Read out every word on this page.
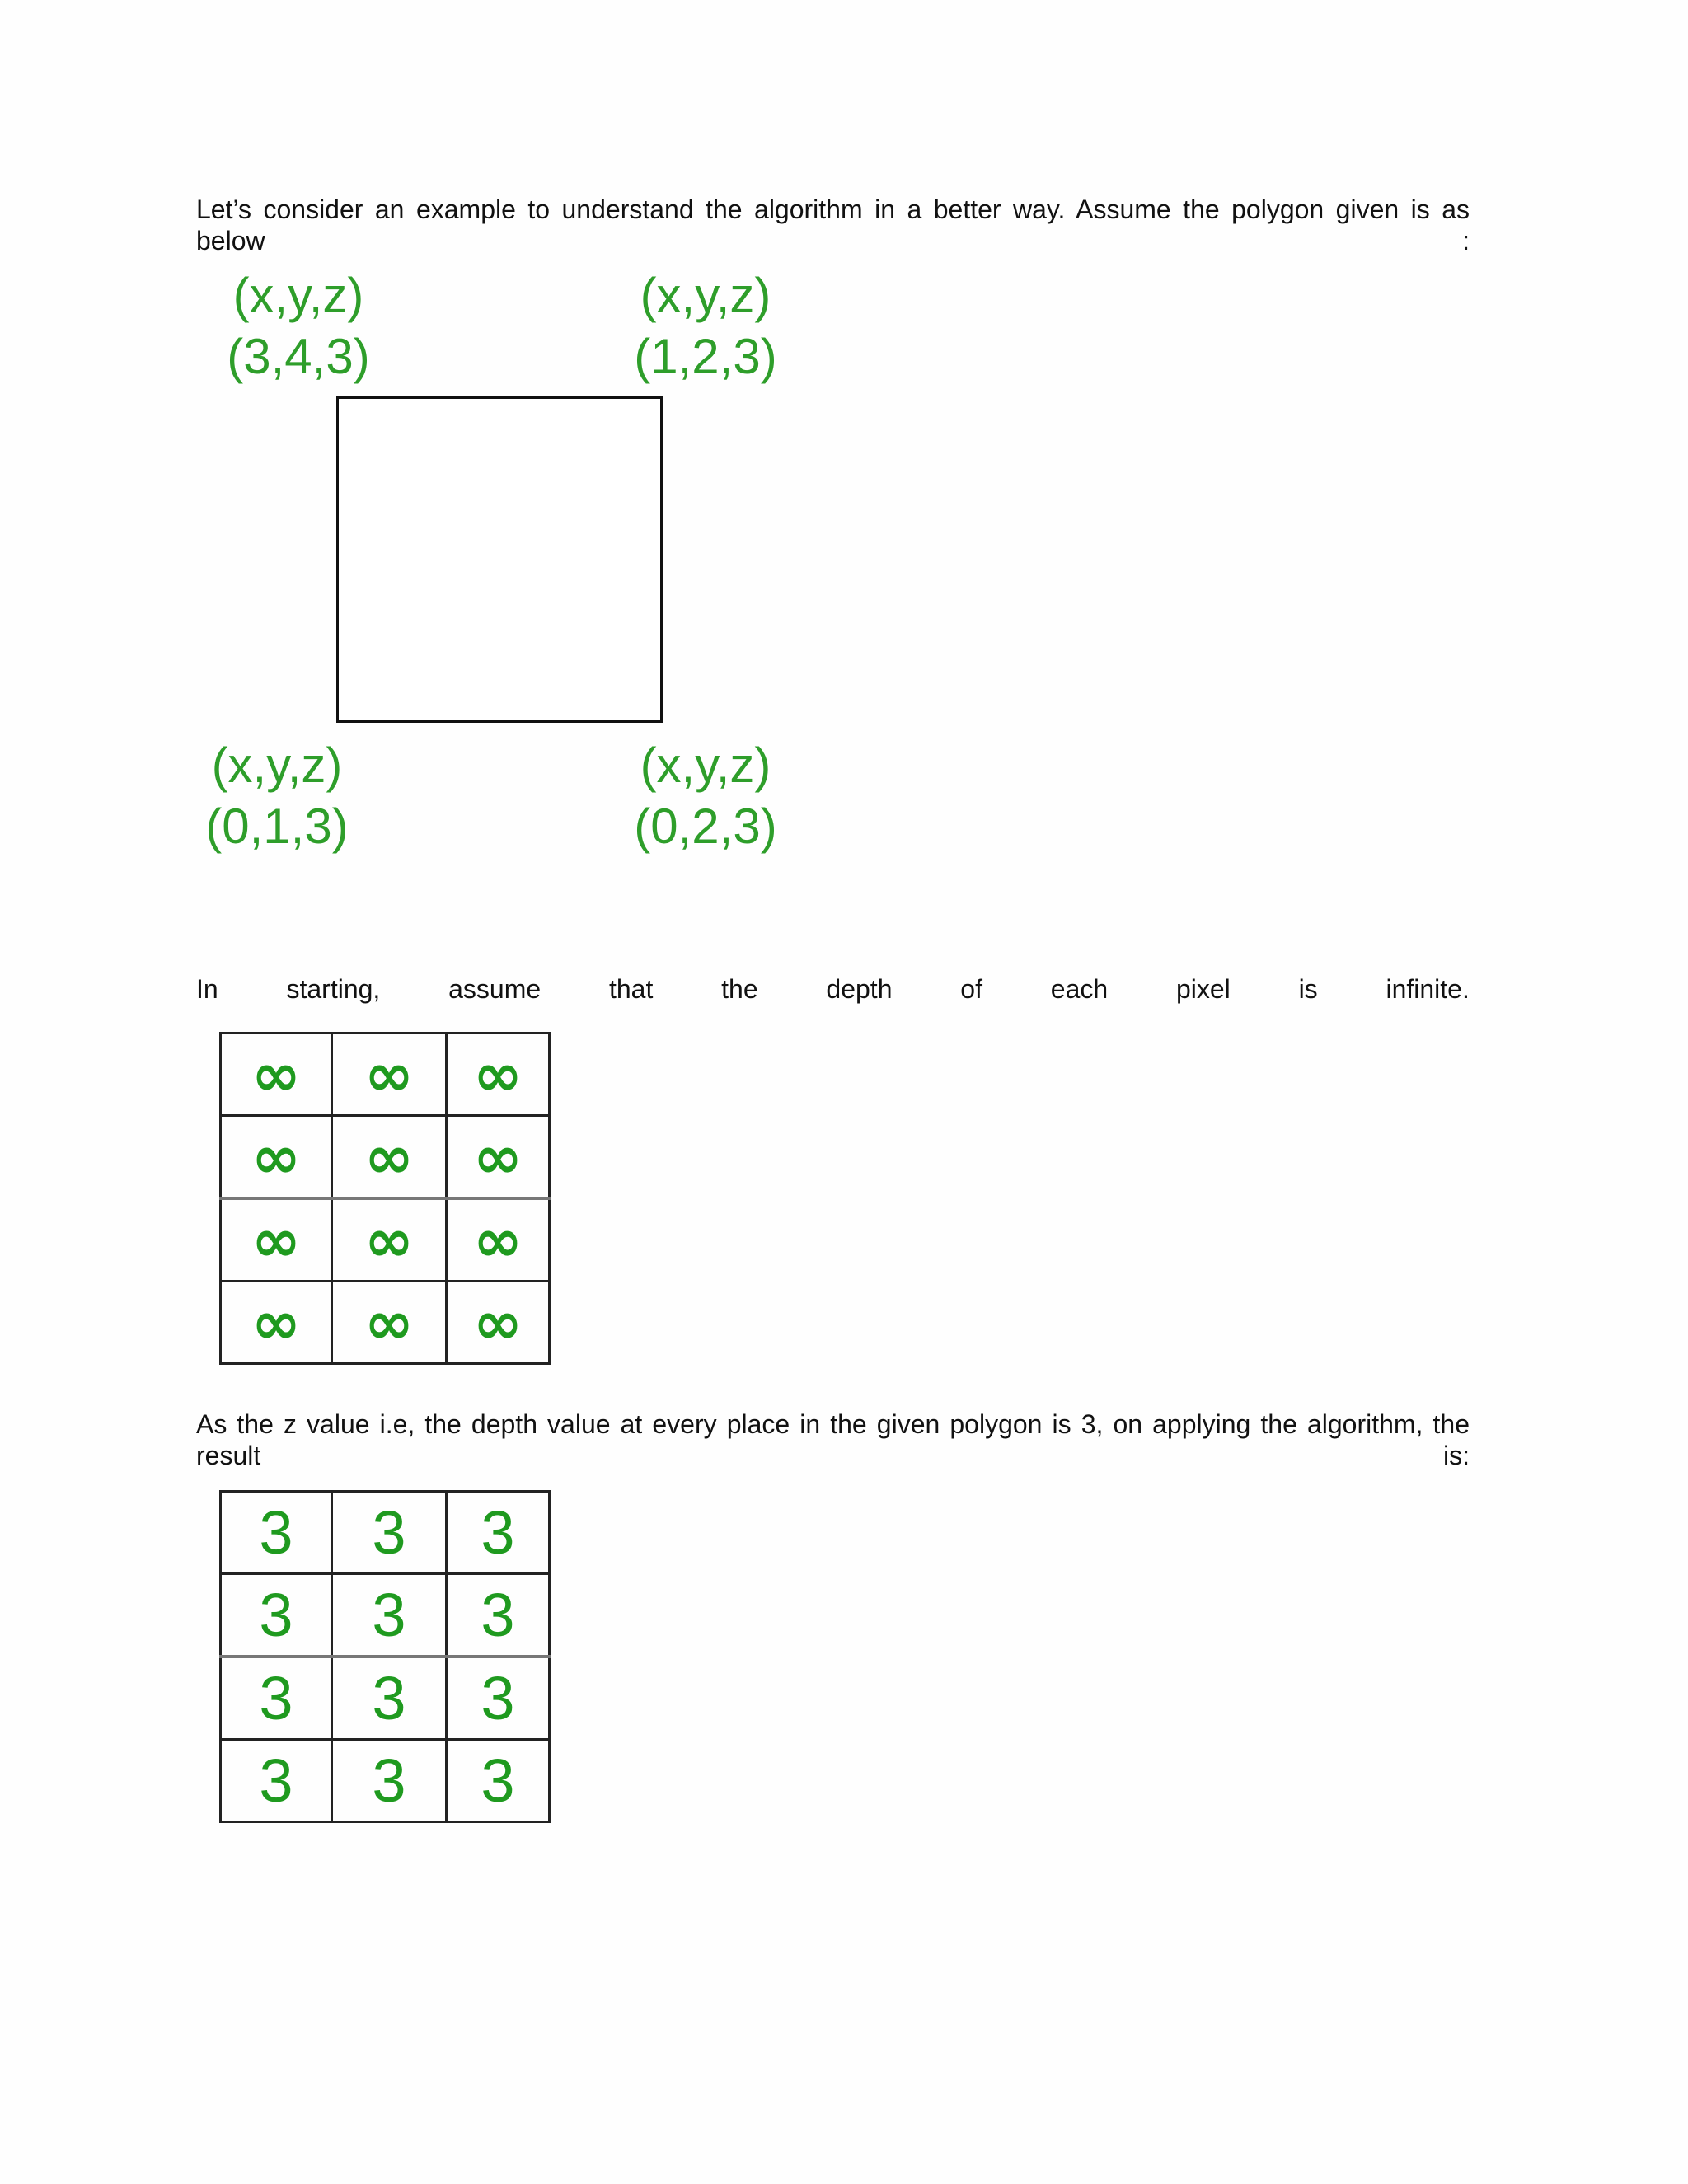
Let’s consider an example to understand the algorithm in a better way. Assume the polygon given is as

below	:
(x,y,z)
(3,4,3)
(x,y,z)
(1,2,3)
(x,y,z)
(0,1,3)
(x,y,z)
(0,2,3)
In	starting,	assume	that	the	depth	of	each	pixel	is	infinite.
∞	∞	∞
∞	∞	∞
∞	∞	∞
∞	∞	∞

As the z value i.e, the depth value at every place in the given polygon is 3, on applying the algorithm, the

result	is:
3	3	3
3	3	3
3	3	3
3	3	3
